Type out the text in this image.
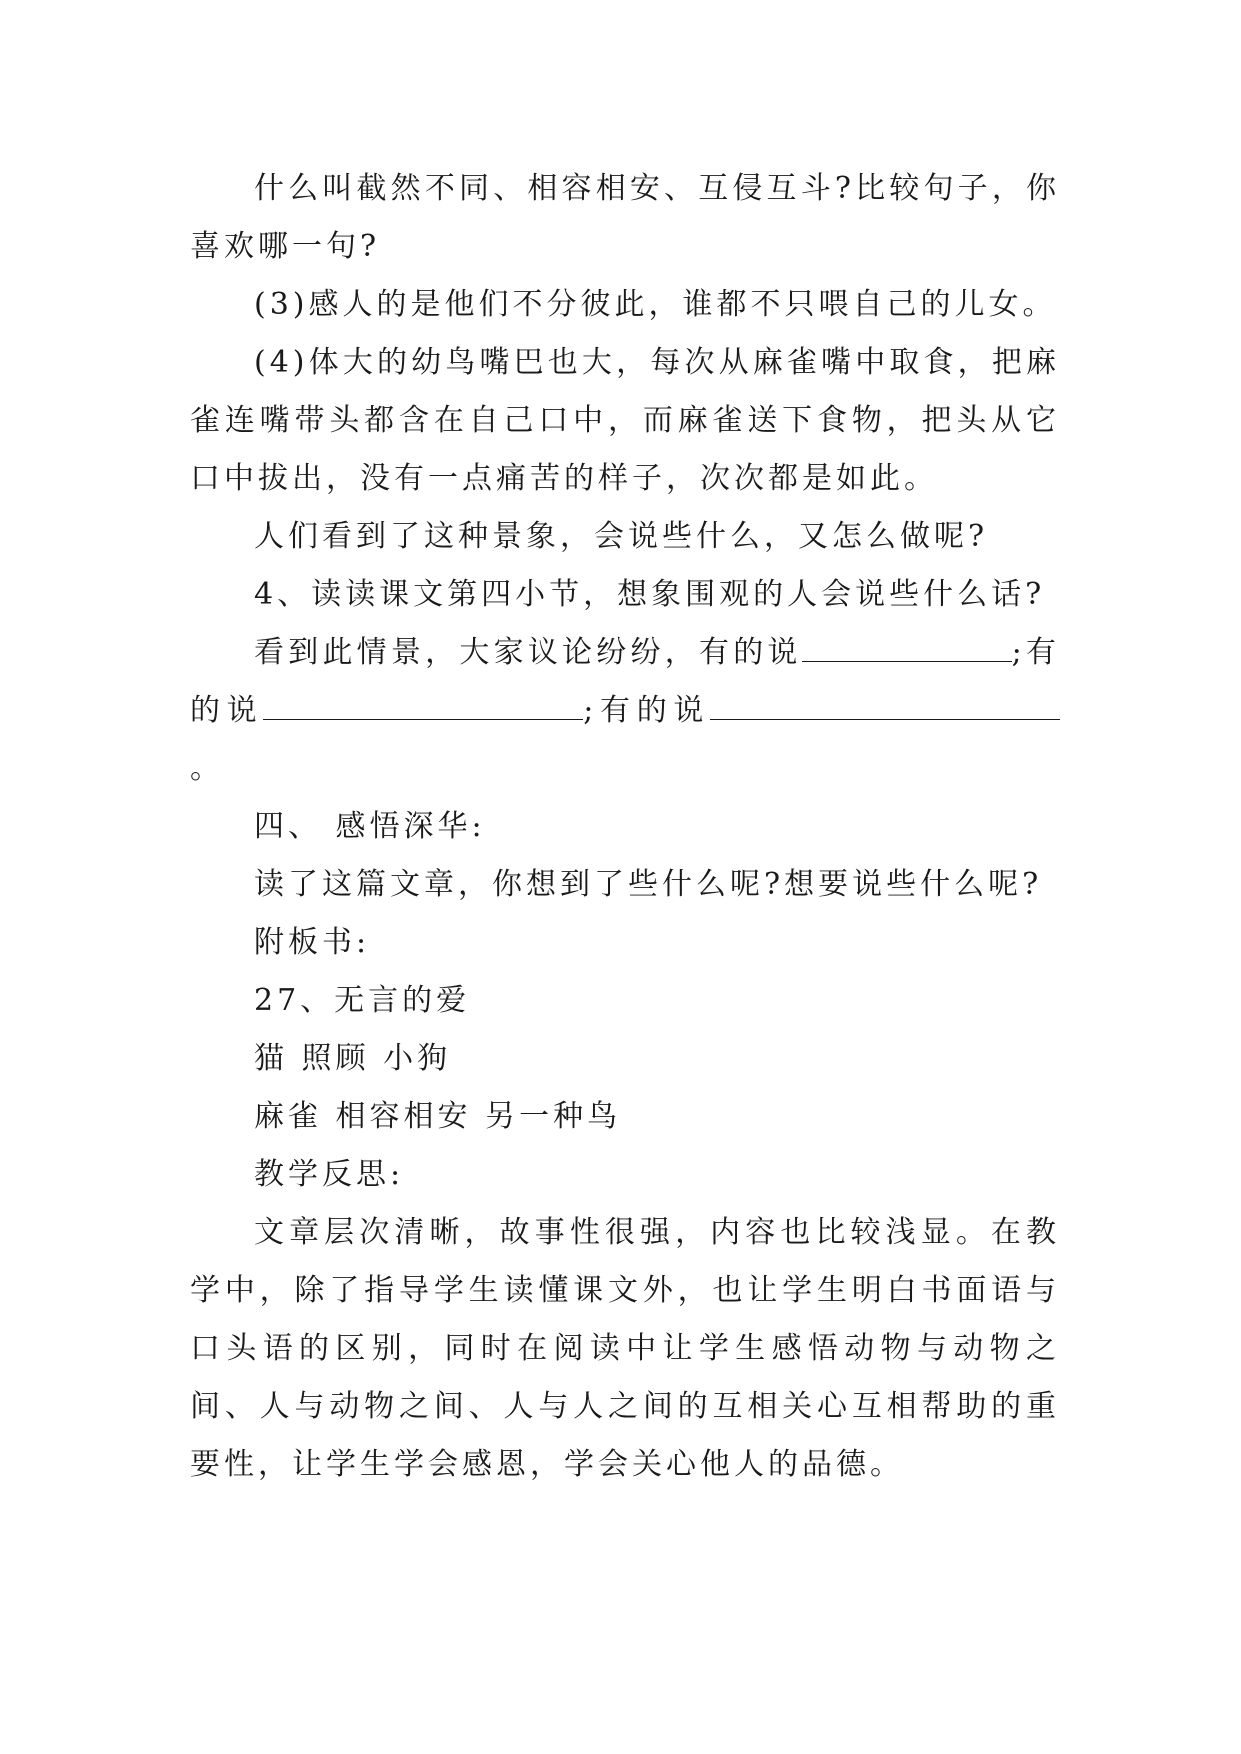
什么叫截然不同、相容相安、互侵互斗?比较句子，你喜欢哪一句?

(3)感人的是他们不分彼此，谁都不只喂自己的儿女。

(4)体大的幼鸟嘴巴也大，每次从麻雀嘴中取食，把麻雀连嘴带头都含在自己口中，而麻雀送下食物，把头从它口中拔出，没有一点痛苦的样子，次次都是如此。

人们看到了这种景象，会说些什么，又怎么做呢?

4、读读课文第四小节，想象围观的人会说些什么话?

看到此情景，大家议论纷纷，有的说	;有的说	;有的说。

四、 感悟深华:

读了这篇文章，你想到了些什么呢?想要说些什么呢?

附板书:

27、无言的爱

猫 照顾 小狗

麻雀 相容相安 另一种鸟

教学反思:

文章层次清晰，故事性很强，内容也比较浅显。在教学中，除了指导学生读懂课文外，也让学生明白书面语与口头语的区别，同时在阅读中让学生感悟动物与动物之间、人与动物之间、人与人之间的互相关心互相帮助的重要性，让学生学会感恩，学会关心他人的品德。
